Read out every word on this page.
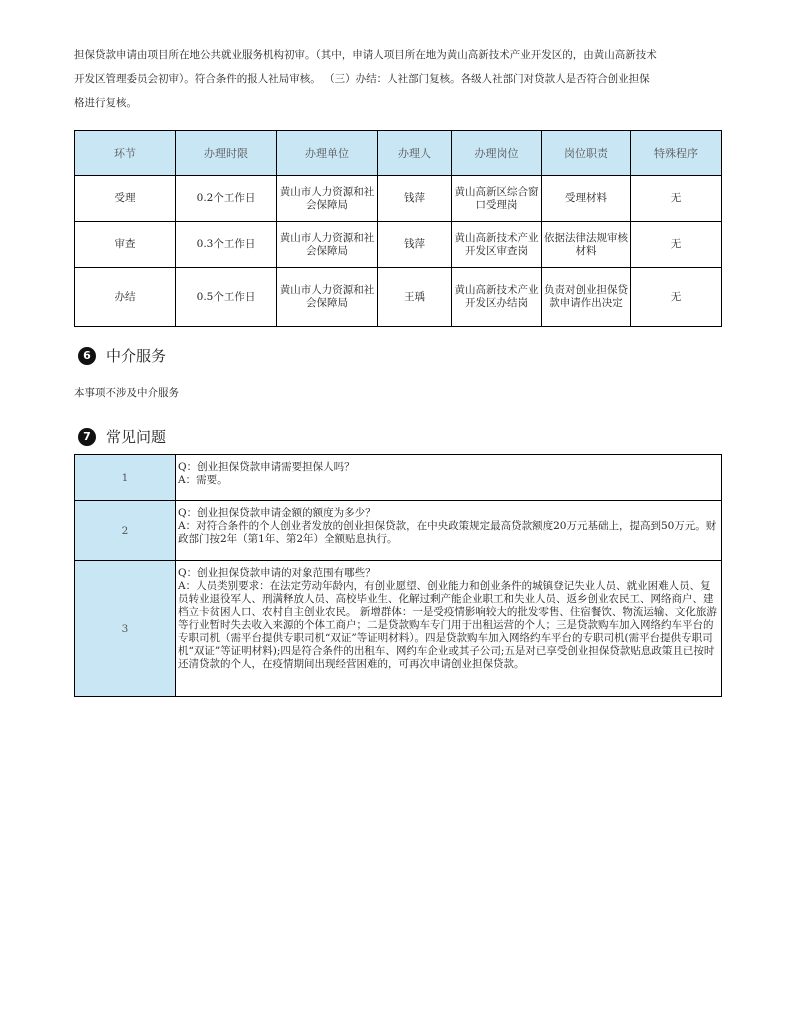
担保贷款申请由项目所在地公共就业服务机构初审。（其中，申请人项目所在地为黄山高新技术产业开发区的，由黄山高新技术
开发区管理委员会初审）。符合条件的报人社局审核。 （三）办结：人社部门复核。各级人社部门对贷款人是否符合创业担保
格进行复核。
环节	办理时限	办理单位	办理人	办理岗位	岗位职责	特殊程序
受理	0.2个工作日	黄山市人力资源和社会保障局	钱萍	黄山高新区综合窗口受理岗	受理材料	无
审查	0.3个工作日	黄山市人力资源和社会保障局	钱萍	黄山高新技术产业开发区审查岗	依据法律法规审核材料	无
办结	0.5个工作日	黄山市人力资源和社会保障局	王瑀	黄山高新技术产业开发区办结岗	负责对创业担保贷款申请作出决定	无
6	中介服务
本事项不涉及中介服务
7	常见问题
1	Q：创业担保贷款申请需要担保人吗？
A：需要。

2	Q：创业担保贷款申请金额的额度为多少？
A：对符合条件的个人创业者发放的创业担保贷款，在中央政策规定最高贷款额度20万元基础上，提高到50万元。财政部门按2年（第1年、第2年）全额贴息执行。

3	Q：创业担保贷款申请的对象范围有哪些？
A：人员类别要求：在法定劳动年龄内，有创业愿望、创业能力和创业条件的城镇登记失业人员、就业困难人员、复员转业退役军人、刑满释放人员、高校毕业生、化解过剩产能企业职工和失业人员、返乡创业农民工、网络商户、建档立卡贫困人口、农村自主创业农民。 新增群体：一是受疫情影响较大的批发零售、住宿餐饮、物流运输、文化旅游等行业暂时失去收入来源的个体工商户；二是贷款购车专门用于出租运营的个人；三是贷款购车加入网络约车平台的专职司机（需平台提供专职司机“双证”等证明材料）。四是贷款购车加入网络约车平台的专职司机(需平台提供专职司机“双证”等证明材料);四是符合条件的出租车、网约车企业或其子公司;五是对已享受创业担保贷款贴息政策且已按时还清贷款的个人，在疫情期间出现经营困难的，可再次申请创业担保贷款。
